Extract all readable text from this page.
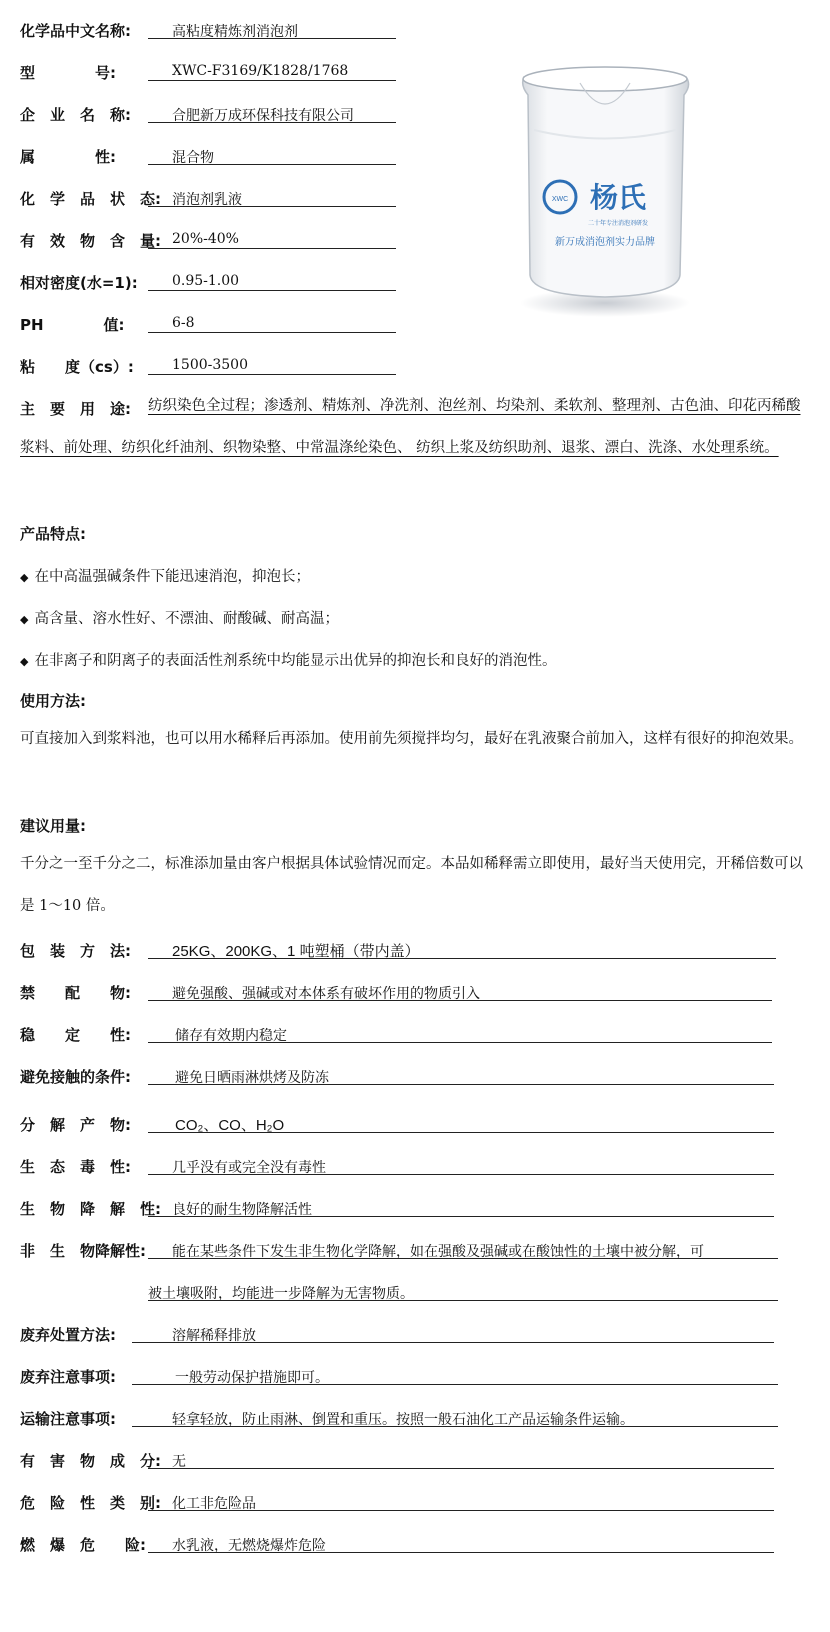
化学品中文名称:	高粘度精炼剂消泡剂
型　　　　号:	XWC-F3169/K1828/1768
企　业　名　称:	合肥新万成环保科技有限公司
属　　　　性:	混合物
化　学　品　状　态: 消泡剂乳液
有　效　物　含　量: 20%-40%
相对密度(水=1): 0.95-1.00
PH　　　　值:	6-8
粘　　度（cs）:	1500-3500
XWC 杨氏
二十年专注消泡剂研发
新万成消泡剂实力品牌
主　要　用　途:	纺织染色全过程；渗透剂、精炼剂、净洗剂、泡丝剂、均染剂、柔软剂、整理剂、古色油、印花丙稀酸浆料、前处理、纺织化纤油剂、织物染整、中常温涤纶染色、 纺织上浆及纺织助剂、退浆、漂白、洗涤、水处理系统。
产品特点:
◆ 在中高温强碱条件下能迅速消泡，抑泡长；
◆ 高含量、溶水性好、不漂油、耐酸碱、耐高温；
◆ 在非离子和阴离子的表面活性剂系统中均能显示出优异的抑泡长和良好的消泡性。
使用方法:
可直接加入到浆料池，也可以用水稀释后再添加。使用前先须搅拌均匀，最好在乳液聚合前加入，这样有很好的抑泡效果。
建议用量:
千分之一至千分之二，标准添加量由客户根据具体试验情况而定。本品如稀释需立即使用，最好当天使用完，开稀倍数可以是 1～10 倍。
包　装　方　法:	25KG、200KG、1 吨塑桶（带内盖）
禁　　配　　物:	避免强酸、强碱或对本体系有破坏作用的物质引入
稳　　定　　性:	储存有效期内稳定
避免接触的条件:	避免日晒雨淋烘烤及防冻
分　解　产　物:	CO₂、CO、H₂O
生　态　毒　性:	几乎没有或完全没有毒性
生　物　降　解　性: 良好的耐生物降解活性
非　生　物降解性: 能在某些条件下发生非生物化学降解，如在强酸及强碱或在酸蚀性的土壤中被分解，可
被土壤吸附，均能进一步降解为无害物质。
废弃处置方法:	溶解稀释排放
废弃注意事项:	一般劳动保护措施即可。
运输注意事项:	轻拿轻放，防止雨淋、倒置和重压。按照一般石油化工产品运输条件运输。
有　害　物　成　分: 无
危　险　性　类　别: 化工非危险品
燃　爆　危　　险: 水乳液，无燃烧爆炸危险
